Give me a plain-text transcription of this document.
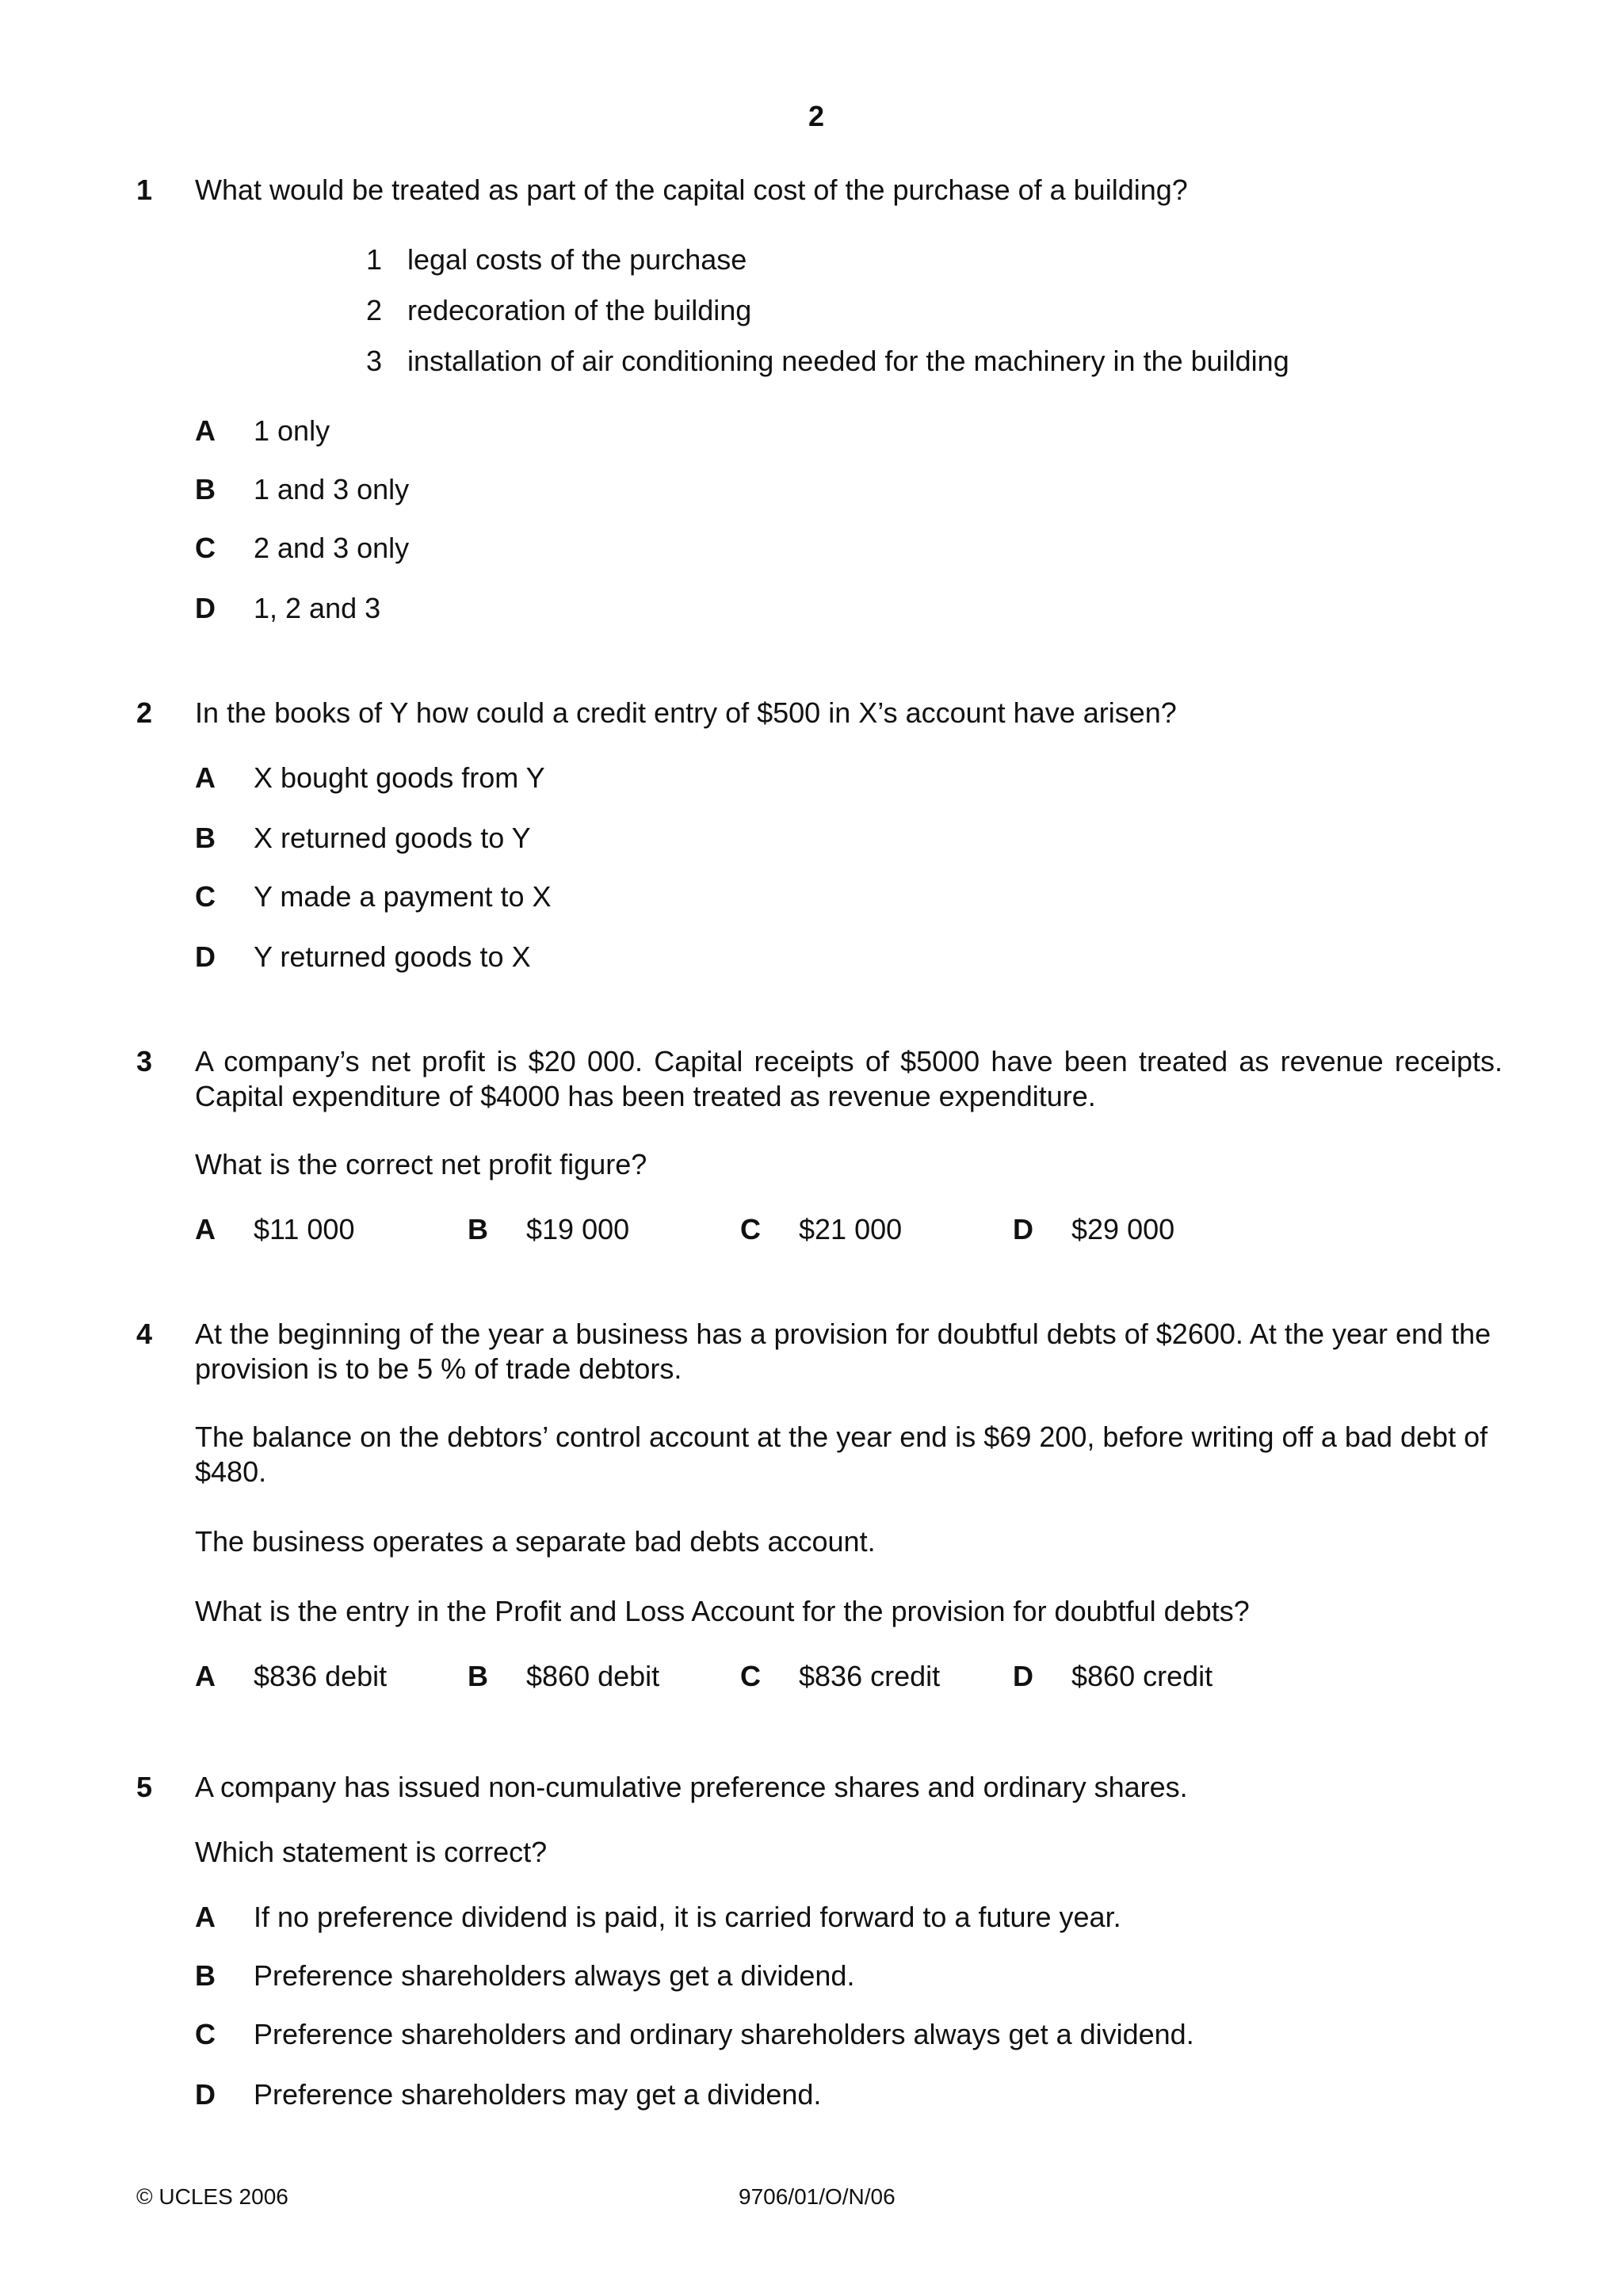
2
1 What would be treated as part of the capital cost of the purchase of a building?

1 legal costs of the purchase
2 redecoration of the building
3 installation of air conditioning needed for the machinery in the building
A 1 only
B 1 and 3 only
C 2 and 3 only
D 1, 2 and 3
2 In the books of Y how could a credit entry of $500 in X’s account have arisen?

A X bought goods from Y
B X returned goods to Y
C Y made a payment to X
D Y returned goods to X
3 A company’s net profit is $20 000. Capital receipts of $5000 have been treated as revenue receipts. Capital expenditure of $4000 has been treated as revenue expenditure.

What is the correct net profit figure?

A $11 000	B $19 000	C $21 000	D $29 000
4 At the beginning of the year a business has a provision for doubtful debts of $2600. At the year end the provision is to be 5 % of trade debtors.

The balance on the debtors’ control account at the year end is $69 200, before writing off a bad debt of $480.

The business operates a separate bad debts account.

What is the entry in the Profit and Loss Account for the provision for doubtful debts?

A $836 debit	B $860 debit	C $836 credit	D $860 credit
5 A company has issued non-cumulative preference shares and ordinary shares.

Which statement is correct?

A If no preference dividend is paid, it is carried forward to a future year.
B Preference shareholders always get a dividend.
C Preference shareholders and ordinary shareholders always get a dividend.
D Preference shareholders may get a dividend.
© UCLES 2006	9706/01/O/N/06
